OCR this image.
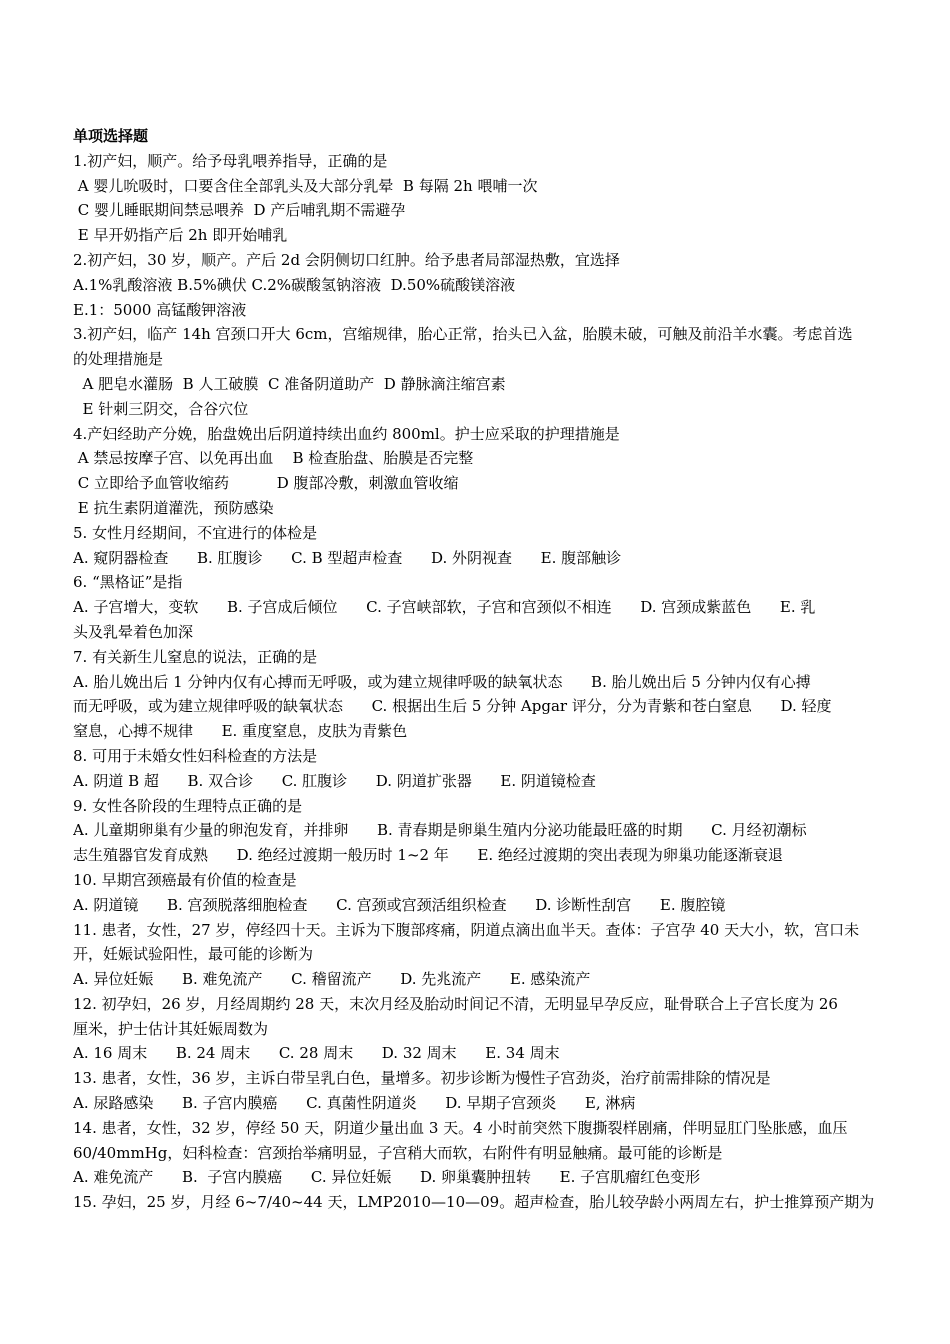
单项选择题
1.初产妇，顺产。给予母乳喂养指导，正确的是
A 婴儿吮吸时，口要含住全部乳头及大部分乳晕  B 每隔 2h 喂哺一次
C 婴儿睡眠期间禁忌喂养  D 产后哺乳期不需避孕
E 早开奶指产后 2h 即开始哺乳
2.初产妇，30 岁，顺产。产后 2d 会阴侧切口红肿。给予患者局部湿热敷，宜选择
A.1%乳酸溶液 B.5%碘伏 C.2%碳酸氢钠溶液  D.50%硫酸镁溶液
E.1：5000 高锰酸钾溶液
3.初产妇，临产 14h 宫颈口开大 6cm，宫缩规律，胎心正常，抬头已入盆，胎膜未破，可触及前沿羊水囊。考虑首选
的处理措施是
A 肥皂水灌肠  B 人工破膜  C 准备阴道助产  D 静脉滴注缩宫素
E 针刺三阴交，合谷穴位
4.产妇经助产分娩，胎盘娩出后阴道持续出血约 800ml。护士应采取的护理措施是
A 禁忌按摩子宫、以免再出血    B 检查胎盘、胎膜是否完整
C 立即给予血管收缩药          D 腹部冷敷，刺激血管收缩
E 抗生素阴道灌洗，预防感染
5. 女性月经期间，不宜进行的体检是
A. 窥阴器检查      B. 肛腹诊      C. B 型超声检查      D. 外阴视查      E. 腹部触诊
6. “黑格证”是指
A. 子宫增大，变软      B. 子宫成后倾位      C. 子宫峡部软，子宫和宫颈似不相连      D. 宫颈成紫蓝色      E. 乳
头及乳晕着色加深
7. 有关新生儿窒息的说法，正确的是
A. 胎儿娩出后 1 分钟内仅有心搏而无呼吸，或为建立规律呼吸的缺氧状态      B. 胎儿娩出后 5 分钟内仅有心搏
而无呼吸，或为建立规律呼吸的缺氧状态      C. 根据出生后 5 分钟 Apgar 评分，分为青紫和苍白窒息      D. 轻度
窒息，心搏不规律      E. 重度窒息，皮肤为青紫色
8. 可用于未婚女性妇科检查的方法是
A. 阴道 B 超      B. 双合诊      C. 肛腹诊      D. 阴道扩张器      E. 阴道镜检查
9. 女性各阶段的生理特点正确的是
A. 儿童期卵巢有少量的卵泡发育，并排卵      B. 青春期是卵巢生殖内分泌功能最旺盛的时期      C. 月经初潮标
志生殖器官发育成熟      D. 绝经过渡期一般历时 1~2 年      E. 绝经过渡期的突出表现为卵巢功能逐渐衰退
10. 早期宫颈癌最有价值的检查是
A. 阴道镜      B. 宫颈脱落细胞检查      C. 宫颈或宫颈活组织检查      D. 诊断性刮宫      E. 腹腔镜
11. 患者，女性，27 岁，停经四十天。主诉为下腹部疼痛，阴道点滴出血半天。查体：子宫孕 40 天大小，软，宫口未
开，妊娠试验阳性，最可能的诊断为
A. 异位妊娠      B. 难免流产      C. 稽留流产      D. 先兆流产      E. 感染流产
12. 初孕妇，26 岁，月经周期约 28 天，末次月经及胎动时间记不清，无明显早孕反应，耻骨联合上子宫长度为 26
厘米，护士估计其妊娠周数为
A. 16 周末      B. 24 周末      C. 28 周末      D. 32 周末      E. 34 周末
13. 患者，女性，36 岁，主诉白带呈乳白色，量增多。初步诊断为慢性子宫劲炎，治疗前需排除的情况是
A. 尿路感染      B. 子宫内膜癌      C. 真菌性阴道炎      D. 早期子宫颈炎      E, 淋病
14. 患者，女性，32 岁，停经 50 天，阴道少量出血 3 天。4 小时前突然下腹撕裂样剧痛，伴明显肛门坠胀感，血压
60/40mmHg，妇科检查：宫颈抬举痛明显，子宫稍大而软，右附件有明显触痛。最可能的诊断是
A. 难免流产      B.  子宫内膜癌      C. 异位妊娠      D. 卵巢囊肿扭转      E. 子宫肌瘤红色变形
15. 孕妇，25 岁，月经 6~7/40~44 天，LMP2010—10—09。超声检查，胎儿较孕龄小两周左右，护士推算预产期为
